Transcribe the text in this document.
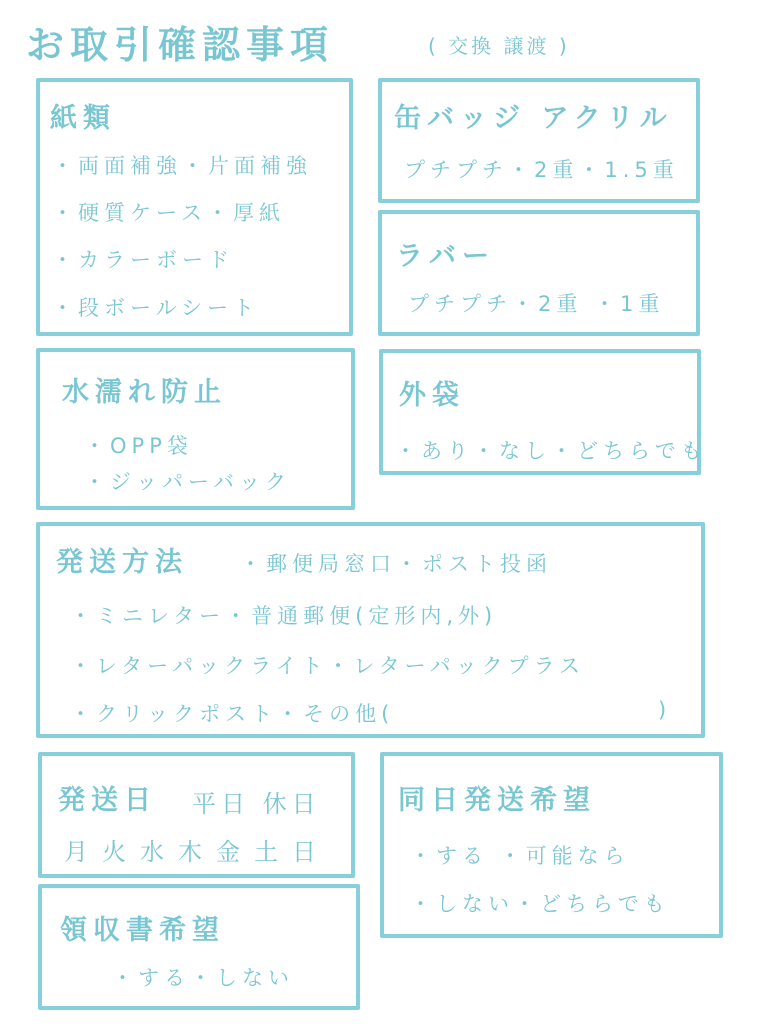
お取引確認事項	( 交換 譲渡 )
紙類
・両面補強・片面補強
・硬質ケース・厚紙
・カラーボード
・段ボールシート
缶バッジ アクリル
プチプチ・2重・1.5重
ラバー
プチプチ・2重 ・1重
水濡れ防止
・OPP袋
・ジッパーバック
外袋
・あり・なし・どちらでも
発送方法 ・郵便局窓口・ポスト投函
・ミニレター・普通郵便(定形内,外)
・レターパックライト・レターパックプラス
・クリックポスト・その他(	)
発送日 平日 休日
月火水木金土日
同日発送希望
・する ・可能なら
・しない・どちらでも
領収書希望
・する・しない
